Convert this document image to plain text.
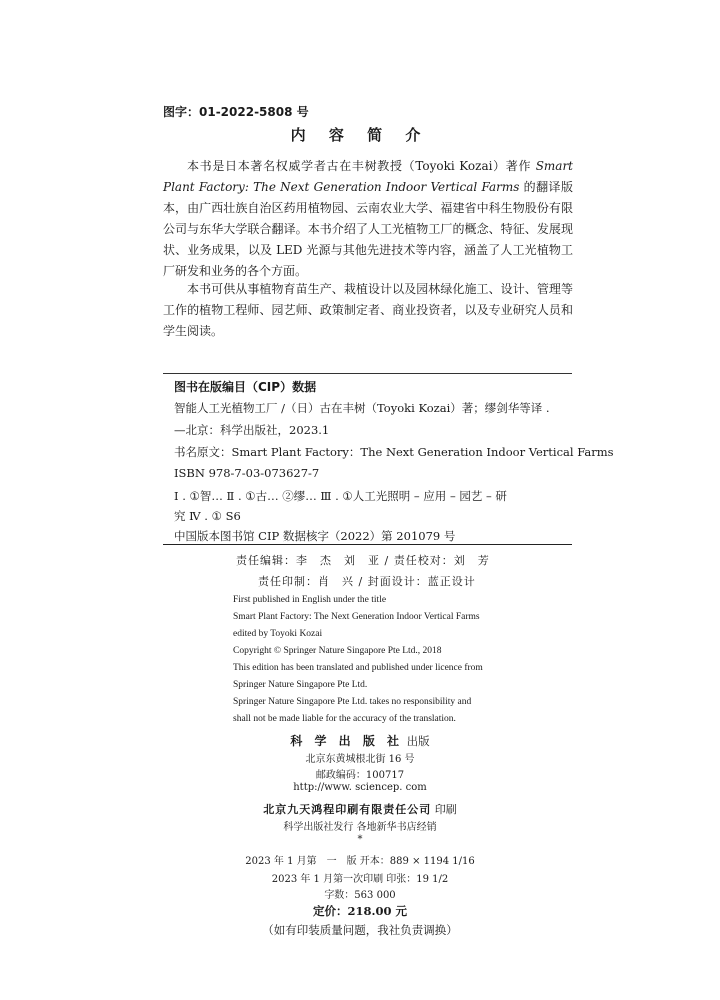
图字：01-2022-5808 号
内 容 简 介
本书是日本著名权威学者古在丰树教授（Toyoki Kozai）著作 Smart Plant Factory: The Next Generation Indoor Vertical Farms 的翻译版本，由广西壮族自治区药用植物园、云南农业大学、福建省中科生物股份有限公司与东华大学联合翻译。本书介绍了人工光植物工厂的概念、特征、发展现状、业务成果，以及 LED 光源与其他先进技术等内容，涵盖了人工光植物工厂研发和业务的各个方面。
本书可供从事植物育苗生产、栽植设计以及园林绿化施工、设计、管理等工作的植物工程师、园艺师、政策制定者、商业投资者，以及专业研究人员和学生阅读。
图书在版编目（CIP）数据
智能人工光植物工厂 /（日）古在丰树（Toyoki Kozai）著；缪剑华等译 .
—北京：科学出版社，2023.1
书名原文：Smart Plant Factory：The Next Generation Indoor Vertical Farms
ISBN 978-7-03-073627-7
Ⅰ . ①智… Ⅱ . ①古… ②缪… Ⅲ . ①人工光照明 – 应用 – 园艺 – 研
究 Ⅳ . ① S6
中国版本图书馆 CIP 数据核字（2022）第 201079 号
责任编辑：李　杰　刘　亚 / 责任校对：刘　芳
责任印制：肖　兴 / 封面设计：蓝正设计
First published in English under the title
Smart Plant Factory: The Next Generation Indoor Vertical Farms
edited by Toyoki Kozai
Copyright © Springer Nature Singapore Pte Ltd., 2018
This edition has been translated and published under licence from
Springer Nature Singapore Pte Ltd.
Springer Nature Singapore Pte Ltd. takes no responsibility and
shall not be made liable for the accuracy of the translation.
科 学 出 版 社 出版
北京东黄城根北街 16 号
邮政编码：100717
http://www. sciencep. com
北京九天鸿程印刷有限责任公司 印刷
科学出版社发行 各地新华书店经销
*
2023 年 1 月第　一　版 开本：889 × 1194 1/16
2023 年 1 月第一次印刷 印张：19 1/2
字数：563 000
定价：218.00 元
（如有印装质量问题，我社负责调换）
